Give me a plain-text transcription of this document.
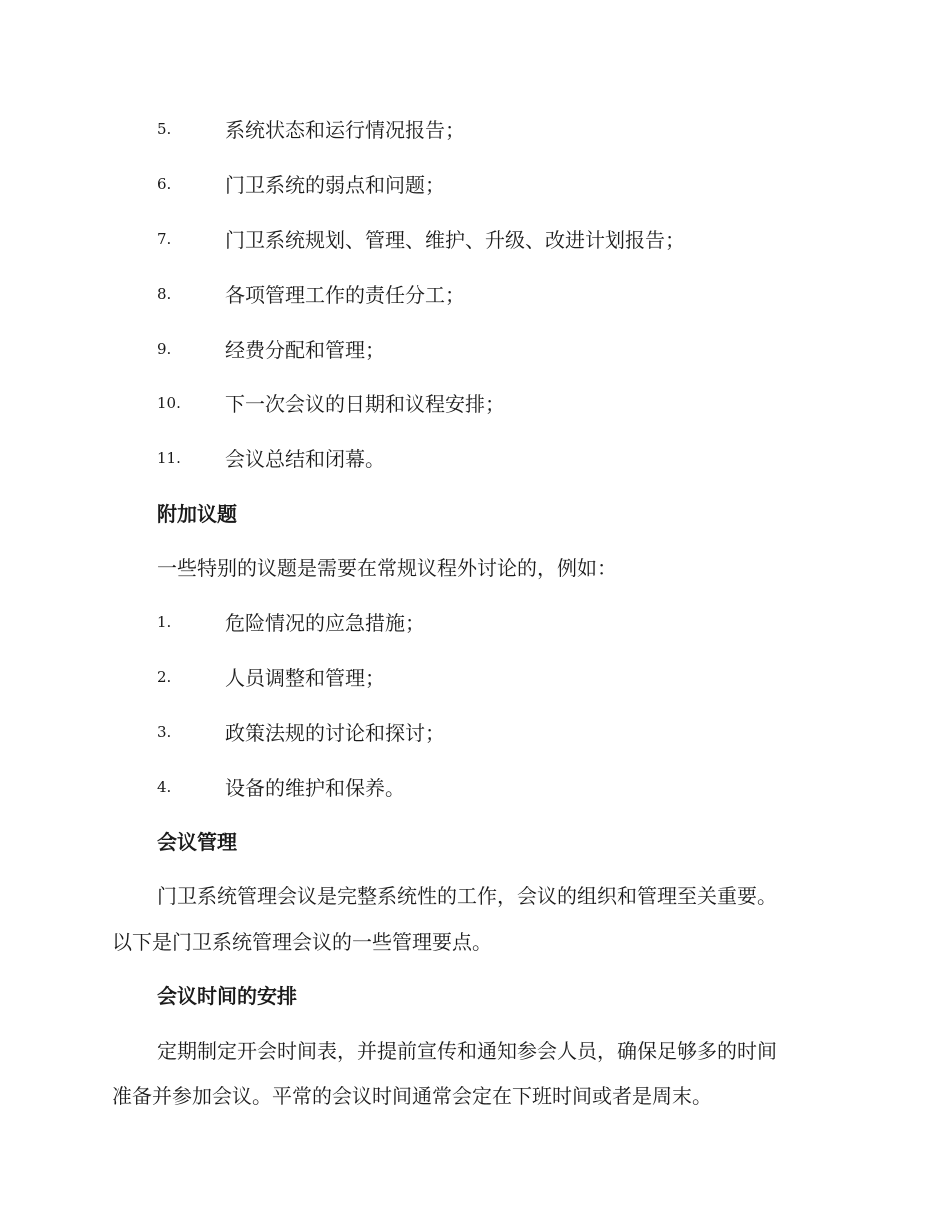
5.	系统状态和运行情况报告；
6.	门卫系统的弱点和问题；
7.	门卫系统规划、管理、维护、升级、改进计划报告；
8.	各项管理工作的责任分工；
9.	经费分配和管理；
10. 下一次会议的日期和议程安排；
11. 会议总结和闭幕。
附加议题
一些特别的议题是需要在常规议程外讨论的，例如：
1.	危险情况的应急措施；
2.	人员调整和管理；
3.	政策法规的讨论和探讨；
4.	设备的维护和保养。
会议管理
门卫系统管理会议是完整系统性的工作，会议的组织和管理至关重要。
以下是门卫系统管理会议的一些管理要点。
会议时间的安排
定期制定开会时间表，并提前宣传和通知参会人员，确保足够多的时间
准备并参加会议。平常的会议时间通常会定在下班时间或者是周末。
